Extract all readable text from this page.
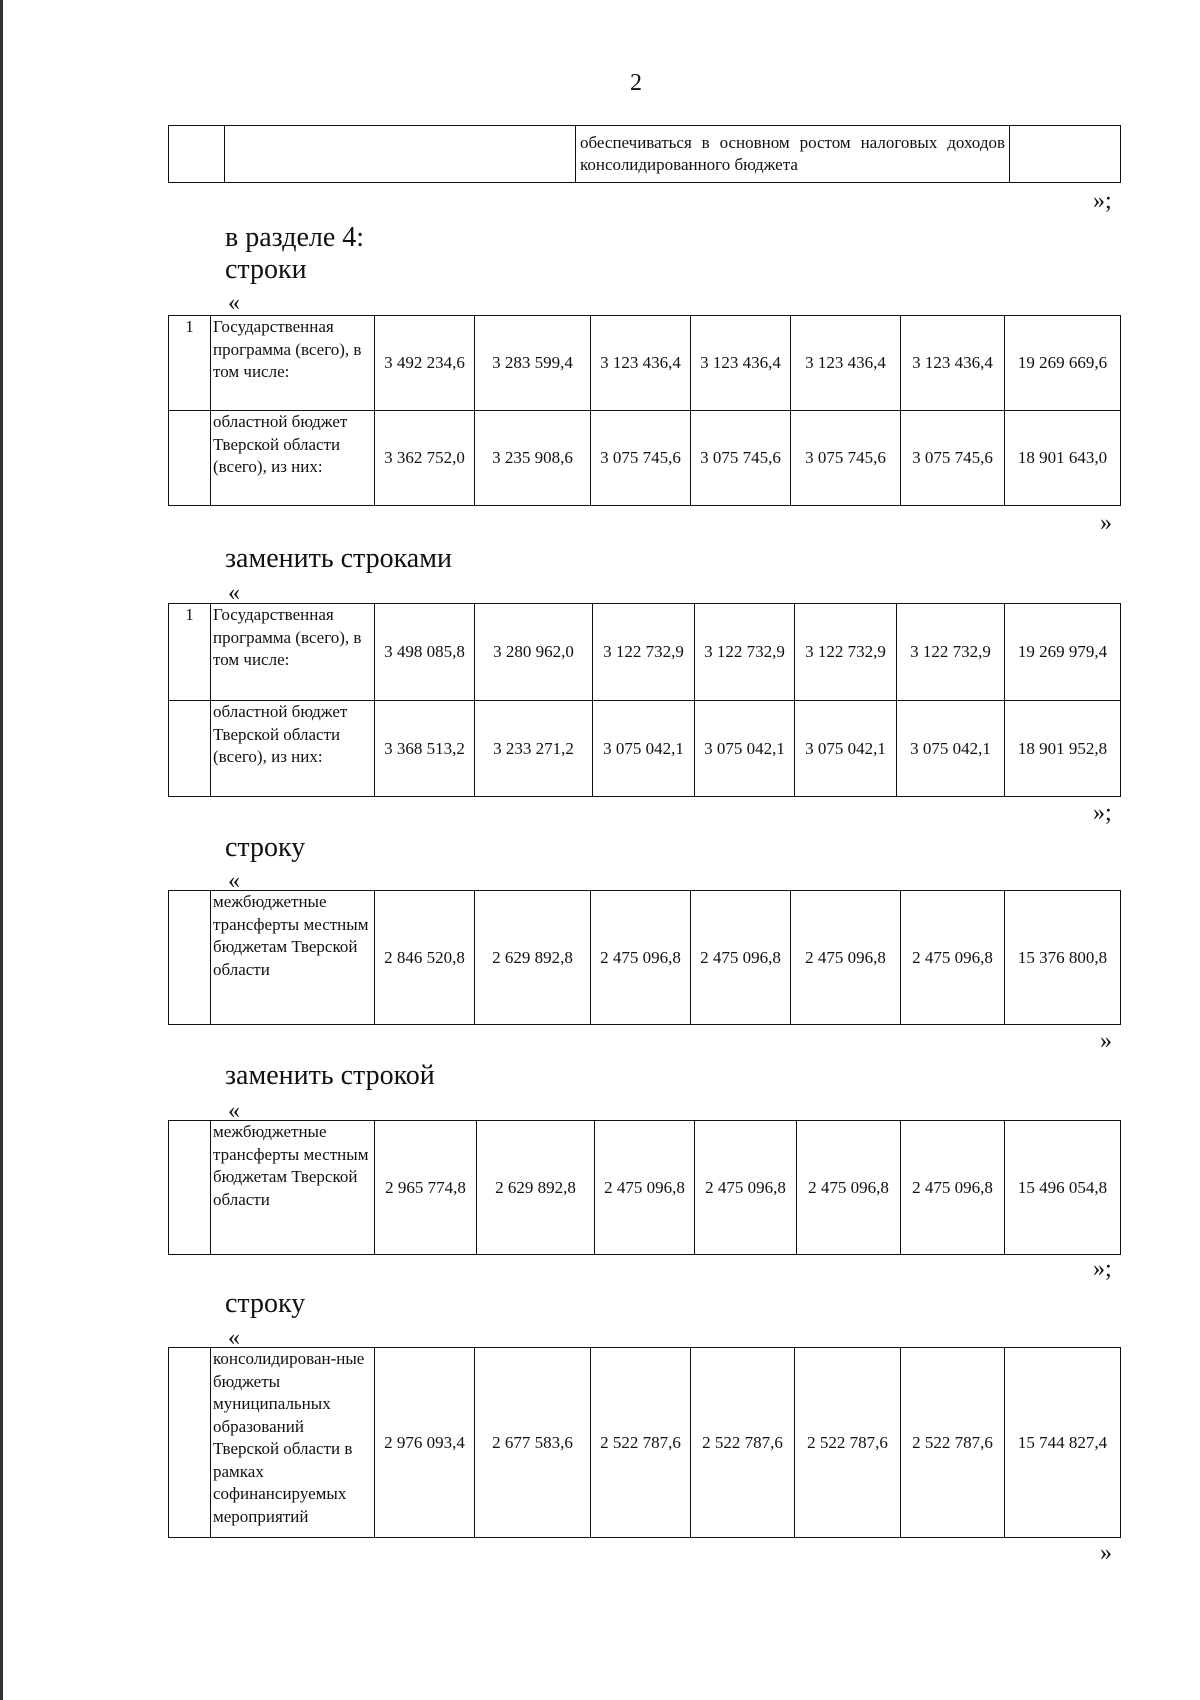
2
		обеспечиваться в основном ростом налоговых доходов консолидированного бюджета	
»;
в разделе 4:
строки
«
1	Государственная программа (всего), в том числе:	3 492 234,6	3 283 599,4	3 123 436,4	3 123 436,4	3 123 436,4	3 123 436,4	19 269 669,6
	областной бюджет Тверской области (всего), из них:	3 362 752,0	3 235 908,6	3 075 745,6	3 075 745,6	3 075 745,6	3 075 745,6	18 901 643,0
»
заменить строками
«
1	Государственная программа (всего), в том числе:	3 498 085,8	3 280 962,0	3 122 732,9	3 122 732,9	3 122 732,9	3 122 732,9	19 269 979,4
	областной бюджет Тверской области (всего), из них:	3 368 513,2	3 233 271,2	3 075 042,1	3 075 042,1	3 075 042,1	3 075 042,1	18 901 952,8
»;
строку
«
	межбюджетные трансферты местным бюджетам Тверской области	2 846 520,8	2 629 892,8	2 475 096,8	2 475 096,8	2 475 096,8	2 475 096,8	15 376 800,8
»
заменить строкой
«
	межбюджетные трансферты местным бюджетам Тверской области	2 965 774,8	2 629 892,8	2 475 096,8	2 475 096,8	2 475 096,8	2 475 096,8	15 496 054,8
»;
строку
«
	консолидирован-ные бюджеты муниципальных образований Тверской области в рамках софинансируемых мероприятий	2 976 093,4	2 677 583,6	2 522 787,6	2 522 787,6	2 522 787,6	2 522 787,6	15 744 827,4
»
